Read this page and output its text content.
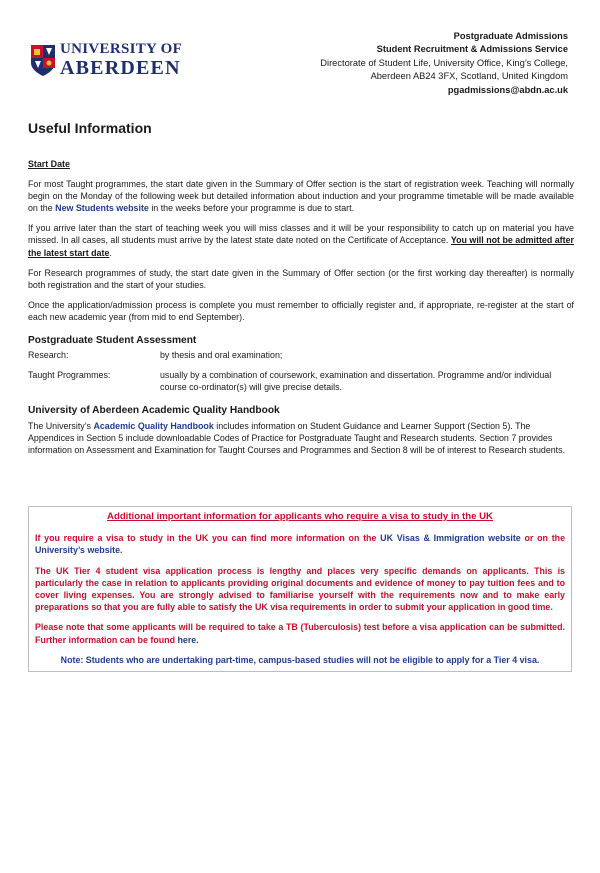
UNIVERSITY OF
ABERDEEN
Postgraduate Admissions
Student Recruitment & Admissions Service
Directorate of Student Life, University Office, King’s College,
Aberdeen AB24 3FX, Scotland, United Kingdom
pgadmissions@abdn.ac.uk
Useful Information
Start Date

For most Taught programmes, the start date given in the Summary of Offer section is the start of registration week. Teaching will normally begin on the Monday of the following week but detailed information about induction and your programme timetable will be made available on the New Students website in the weeks before your programme is due to start.

If you arrive later than the start of teaching week you will miss classes and it will be your responsibility to catch up on material you have missed. In all cases, all students must arrive by the latest state date noted on the Certificate of Acceptance. You will not be admitted after the latest start date.

For Research programmes of study, the start date given in the Summary of Offer section (or the first working day thereafter) is normally both registration and the start of your studies.

Once the application/admission process is complete you must remember to officially register and, if appropriate, re-register at the start of each new academic year (from mid to end September).

Postgraduate Student Assessment
Research:	by thesis and oral examination;
Taught Programmes:	usually by a combination of coursework, examination and dissertation. Programme and/or individual course co-ordinator(s) will give precise details.
University of Aberdeen Academic Quality Handbook

The University’s Academic Quality Handbook includes information on Student Guidance and Learner Support (Section 5). The Appendices in Section 5 include downloadable Codes of Practice for Postgraduate Taught and Research students. Section 7 provides information on Assessment and Examination for Taught Courses and Programmes and Section 8 will be of interest to Research students.

Additional important information for applicants who require a visa to study in the UK

If you require a visa to study in the UK you can find more information on the UK Visas & Immigration website or on the University’s website.

The UK Tier 4 student visa application process is lengthy and places very specific demands on applicants. This is particularly the case in relation to applicants providing original documents and evidence of money to pay tuition fees and to cover living expenses. You are strongly advised to familiarise yourself with the requirements now and to make early preparations so that you are fully able to satisfy the UK visa requirements in order to submit your application in good time.

Please note that some applicants will be required to take a TB (Tuberculosis) test before a visa application can be submitted. Further information can be found here.

Note: Students who are undertaking part-time, campus-based studies will not be eligible to apply for a Tier 4 visa.
